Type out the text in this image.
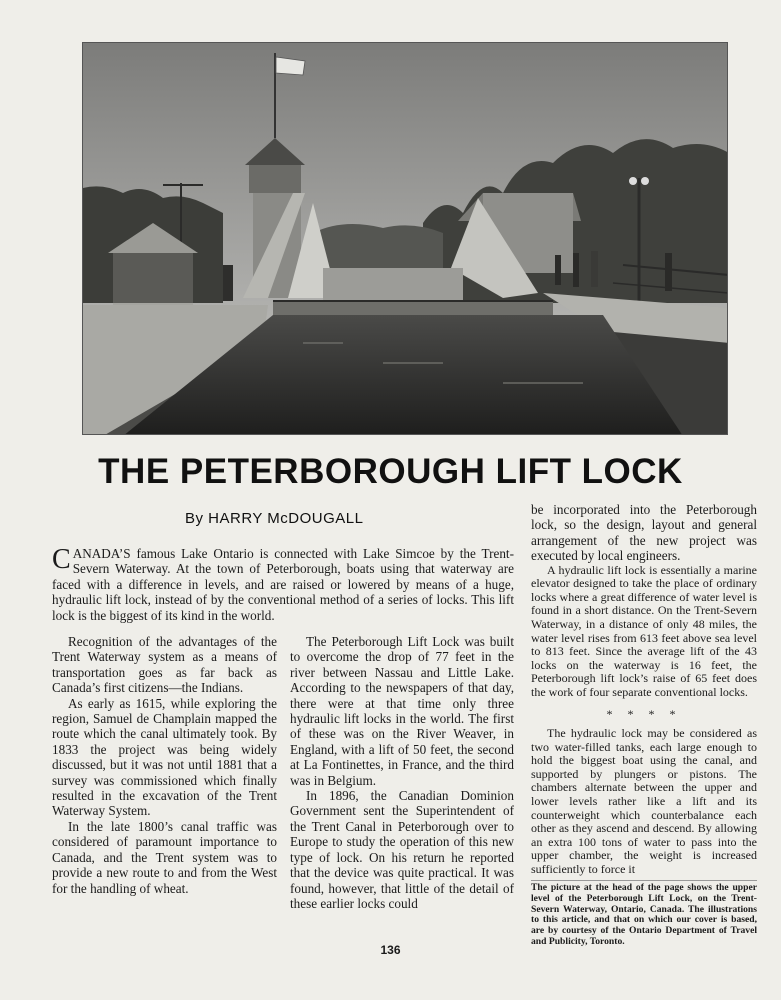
THE PETERBOROUGH LIFT LOCK

By HARRY McDOUGALL

CANADA’S famous Lake Ontario is connected with Lake Simcoe by the Trent-Severn Waterway. At the town of Peterborough, boats using that waterway are faced with a difference in levels, and are raised or lowered by means of a huge, hydraulic lift lock, instead of by the conventional method of a series of locks. This lift lock is the biggest of its kind in the world.

Recognition of the advantages of the Trent Waterway system as a means of transportation goes as far back as Canada’s first citizens—the Indians.

As early as 1615, while exploring the region, Samuel de Champlain mapped the route which the canal ultimately took. By 1833 the project was being widely discussed, but it was not until 1881 that a survey was commissioned which finally resulted in the excavation of the Trent Waterway System.

In the late 1800’s canal traffic was considered of paramount importance to Canada, and the Trent system was to provide a new route to and from the West for the handling of wheat.

The Peterborough Lift Lock was built to overcome the drop of 77 feet in the river between Nassau and Little Lake. According to the newspapers of that day, there were at that time only three hydraulic lift locks in the world. The first of these was on the River Weaver, in England, with a lift of 50 feet, the second at La Fontinettes, in France, and the third was in Belgium.

In 1896, the Canadian Dominion Government sent the Superintendent of the Trent Canal in Peterborough over to Europe to study the operation of this new type of lock. On his return he reported that the device was quite practical. It was found, however, that little of the detail of these earlier locks could

be incorporated into the Peterborough lock, so the design, layout and general arrangement of the new project was executed by local engineers.

A hydraulic lift lock is essentially a marine elevator designed to take the place of ordinary locks where a great difference of water level is found in a short distance. On the Trent-Severn Waterway, in a distance of only 48 miles, the water level rises from 613 feet above sea level to 813 feet. Since the average lift of the 43 locks on the waterway is 16 feet, the Peterborough lift lock’s raise of 65 feet does the work of four separate conventional locks.

* * * *

The hydraulic lock may be considered as two water-filled tanks, each large enough to hold the biggest boat using the canal, and supported by plungers or pistons. The chambers alternate between the upper and lower levels rather like a lift and its counterweight which counterbalance each other as they ascend and descend. By allowing an extra 100 tons of water to pass into the upper chamber, the weight is increased sufficiently to force it

The picture at the head of the page shows the upper level of the Peterborough Lift Lock, on the Trent-Severn Waterway, Ontario, Canada. The illustrations to this article, and that on which our cover is based, are by courtesy of the Ontario Department of Travel and Publicity, Toronto.

136
